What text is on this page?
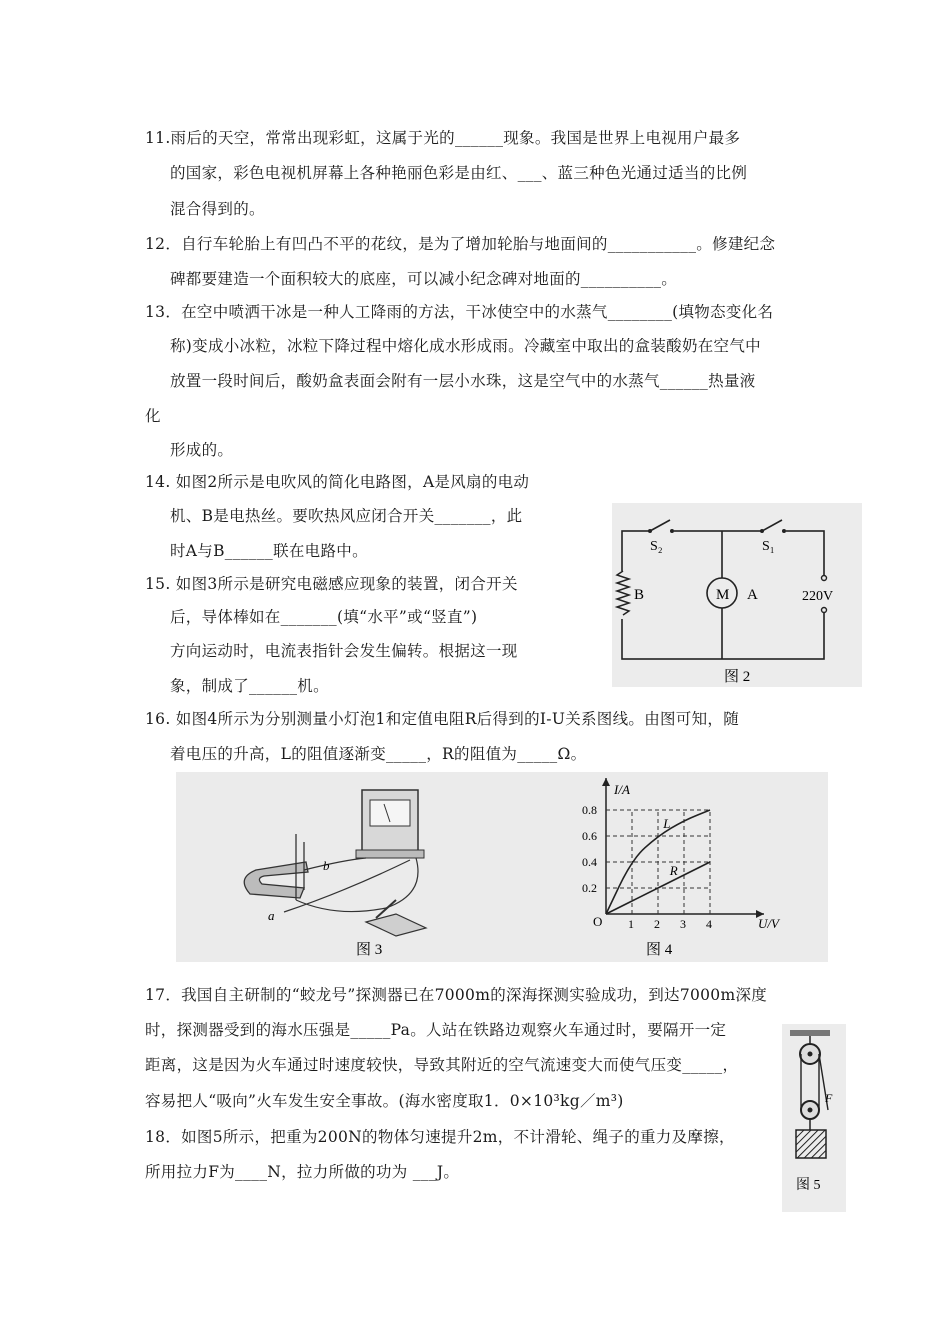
11.雨后的天空，常常出现彩虹，这属于光的______现象。我国是世界上电视用户最多
的国家，彩色电视机屏幕上各种艳丽色彩是由红、___、蓝三种色光通过适当的比例
混合得到的。
12．自行车轮胎上有凹凸不平的花纹，是为了增加轮胎与地面间的___________。修建纪念
碑都要建造一个面积较大的底座，可以减小纪念碑对地面的__________。
13．在空中喷洒干冰是一种人工降雨的方法，干冰使空中的水蒸气________(填物态变化名
称)变成小冰粒，冰粒下降过程中熔化成水形成雨。冷藏室中取出的盒装酸奶在空气中
放置一段时间后，酸奶盒表面会附有一层小水珠，这是空气中的水蒸气______热量液
化
形成的。
14. 如图2所示是电吹风的简化电路图，A是风扇的电动
机、B是电热丝。要吹热风应闭合开关_______，此
时A与B______联在电路中。
15. 如图3所示是研究电磁感应现象的装置，闭合开关
后，导体棒如在_______(填“水平”或“竖直”)
方向运动时，电流表指针会发生偏转。根据这一现
象，制成了______机。
16. 如图4所示为分别测量小灯泡1和定值电阻R后得到的I-U关系图线。由图可知，随
着电压的升高，L的阻值逐渐变_____，R的阻值为_____Ω。
17．我国自主研制的“蛟龙号”探测器已在7000m的深海探测实验成功，到达7000m深度
时，探测器受到的海水压强是_____Pa。人站在铁路边观察火车通过时，要隔开一定
距离，这是因为火车通过时速度较快，导致其附近的空气流速变大而使气压变_____，
容易把人“吸向”火车发生安全事故。(海水密度取1．0×10³kg／m³)
18．如图5所示，把重为200N的物体匀速提升2m，不计滑轮、绳子的重力及摩擦，
所用拉力F为____N，拉力所做的功为 ___J。
S₂	S₁
B	M A	220V
图 2
a
b
图 3
1 2 3 4
0.2
0.4
0.6
0.8
I/A
U/V
O
L
R
图 4
F
图 5
